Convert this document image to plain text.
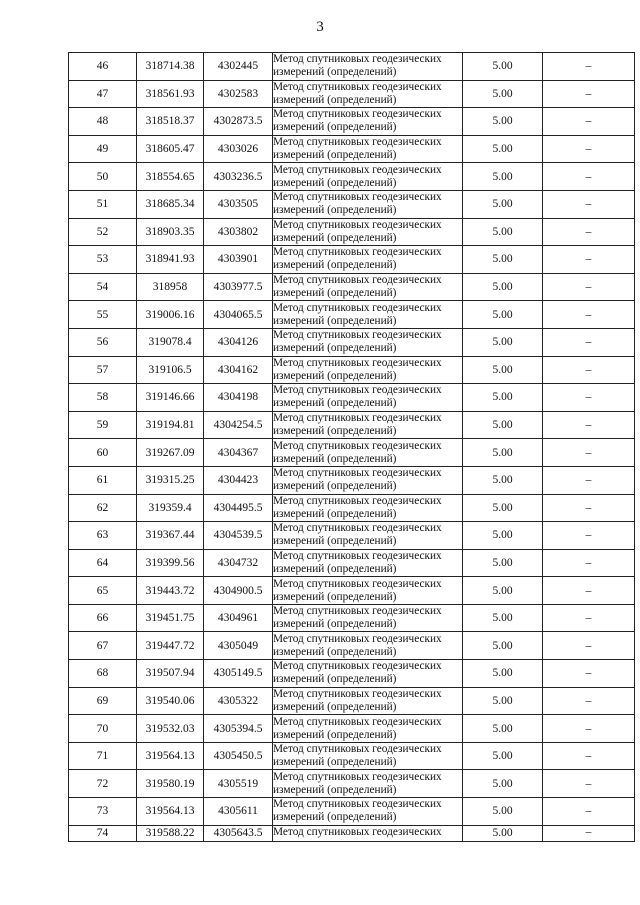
3
46	318714.38	4302445	Метод спутниковых геодезических
измерений (определений)	5.00	–
47	318561.93	4302583	Метод спутниковых геодезических
измерений (определений)	5.00	–
48	318518.37	4302873.5	Метод спутниковых геодезических
измерений (определений)	5.00	–
49	318605.47	4303026	Метод спутниковых геодезических
измерений (определений)	5.00	–
50	318554.65	4303236.5	Метод спутниковых геодезических
измерений (определений)	5.00	–
51	318685.34	4303505	Метод спутниковых геодезических
измерений (определений)	5.00	–
52	318903.35	4303802	Метод спутниковых геодезических
измерений (определений)	5.00	–
53	318941.93	4303901	Метод спутниковых геодезических
измерений (определений)	5.00	–
54	318958	4303977.5	Метод спутниковых геодезических
измерений (определений)	5.00	–
55	319006.16	4304065.5	Метод спутниковых геодезических
измерений (определений)	5.00	–
56	319078.4	4304126	Метод спутниковых геодезических
измерений (определений)	5.00	–
57	319106.5	4304162	Метод спутниковых геодезических
измерений (определений)	5.00	–
58	319146.66	4304198	Метод спутниковых геодезических
измерений (определений)	5.00	–
59	319194.81	4304254.5	Метод спутниковых геодезических
измерений (определений)	5.00	–
60	319267.09	4304367	Метод спутниковых геодезических
измерений (определений)	5.00	–
61	319315.25	4304423	Метод спутниковых геодезических
измерений (определений)	5.00	–
62	319359.4	4304495.5	Метод спутниковых геодезических
измерений (определений)	5.00	–
63	319367.44	4304539.5	Метод спутниковых геодезических
измерений (определений)	5.00	–
64	319399.56	4304732	Метод спутниковых геодезических
измерений (определений)	5.00	–
65	319443.72	4304900.5	Метод спутниковых геодезических
измерений (определений)	5.00	–
66	319451.75	4304961	Метод спутниковых геодезических
измерений (определений)	5.00	–
67	319447.72	4305049	Метод спутниковых геодезических
измерений (определений)	5.00	–
68	319507.94	4305149.5	Метод спутниковых геодезических
измерений (определений)	5.00	–
69	319540.06	4305322	Метод спутниковых геодезических
измерений (определений)	5.00	–
70	319532.03	4305394.5	Метод спутниковых геодезических
измерений (определений)	5.00	–
71	319564.13	4305450.5	Метод спутниковых геодезических
измерений (определений)	5.00	–
72	319580.19	4305519	Метод спутниковых геодезических
измерений (определений)	5.00	–
73	319564.13	4305611	Метод спутниковых геодезических
измерений (определений)	5.00	–
74	319588.22	4305643.5	Метод спутниковых геодезических	5.00	–
